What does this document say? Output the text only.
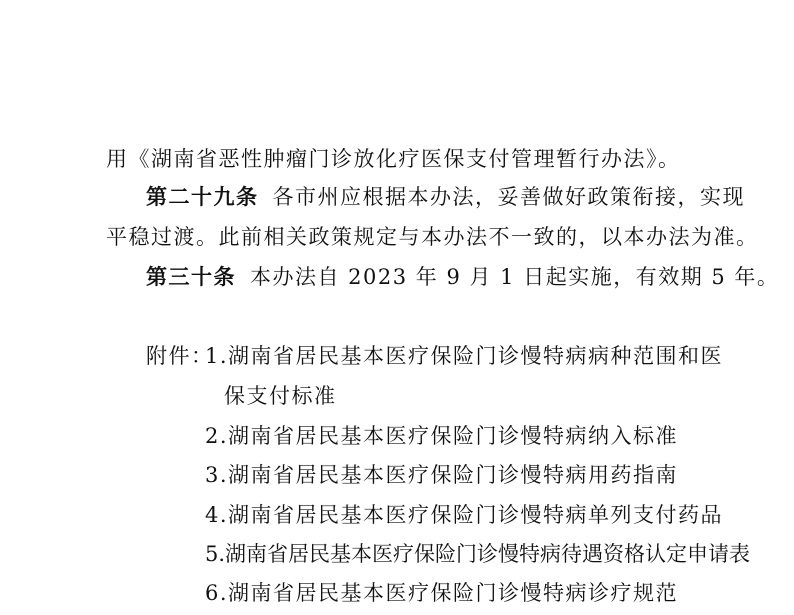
用《湖南省恶性肿瘤门诊放化疗医保支付管理暂行办法》。
第二十九条 各市州应根据本办法，妥善做好政策衔接，实现
平稳过渡。此前相关政策规定与本办法不一致的，以本办法为准。
第三十条 本办法自 2023 年 9 月 1 日起实施，有效期 5 年。
附件：
1.湖南省居民基本医疗保险门诊慢特病病种范围和医
保支付标准
2.湖南省居民基本医疗保险门诊慢特病纳入标准
3.湖南省居民基本医疗保险门诊慢特病用药指南
4.湖南省居民基本医疗保险门诊慢特病单列支付药品
5.湖南省居民基本医疗保险门诊慢特病待遇资格认定申请表
6.湖南省居民基本医疗保险门诊慢特病诊疗规范
